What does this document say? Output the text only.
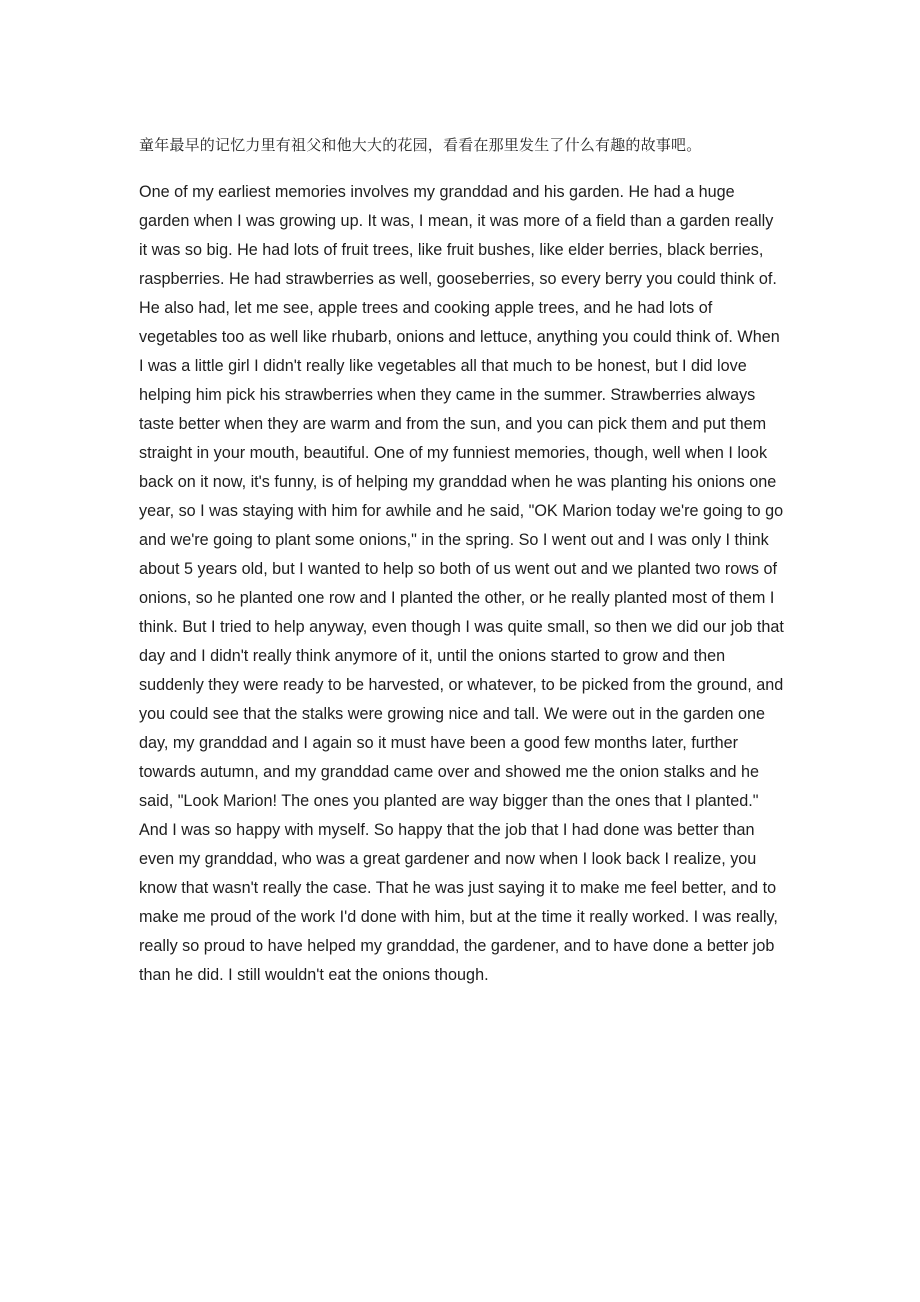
童年最早的记忆力里有祖父和他大大的花园，看看在那里发生了什么有趣的故事吧。

One of my earliest memories involves my granddad and his garden. He had a huge garden when I was growing up. It was, I mean, it was more of a field than a garden really it was so big. He had lots of fruit trees, like fruit bushes, like elder berries, black berries, raspberries. He had strawberries as well, gooseberries, so every berry you could think of. He also had, let me see, apple trees and cooking apple trees, and he had lots of vegetables too as well like rhubarb, onions and lettuce, anything you could think of. When I was a little girl I didn't really like vegetables all that much to be honest, but I did love helping him pick his strawberries when they came in the summer. Strawberries always taste better when they are warm and from the sun, and you can pick them and put them straight in your mouth, beautiful. One of my funniest memories, though, well when I look back on it now, it's funny, is of helping my granddad when he was planting his onions one year, so I was staying with him for awhile and he said, "OK Marion today we're going to go and we're going to plant some onions," in the spring. So I went out and I was only I think about 5 years old, but I wanted to help so both of us went out and we planted two rows of onions, so he planted one row and I planted the other, or he really planted most of them I think. But I tried to help anyway, even though I was quite small, so then we did our job that day and I didn't really think anymore of it, until the onions started to grow and then suddenly they were ready to be harvested, or whatever, to be picked from the ground, and you could see that the stalks were growing nice and tall. We were out in the garden one day, my granddad and I again so it must have been a good few months later, further towards autumn, and my granddad came over and showed me the onion stalks and he said, "Look Marion! The ones you planted are way bigger than the ones that I planted." And I was so happy with myself. So happy that the job that I had done was better than even my granddad, who was a great gardener and now when I look back I realize, you know that wasn't really the case. That he was just saying it to make me feel better, and to make me proud of the work I'd done with him, but at the time it really worked. I was really, really so proud to have helped my granddad, the gardener, and to have done a better job than he did. I still wouldn't eat the onions though.
